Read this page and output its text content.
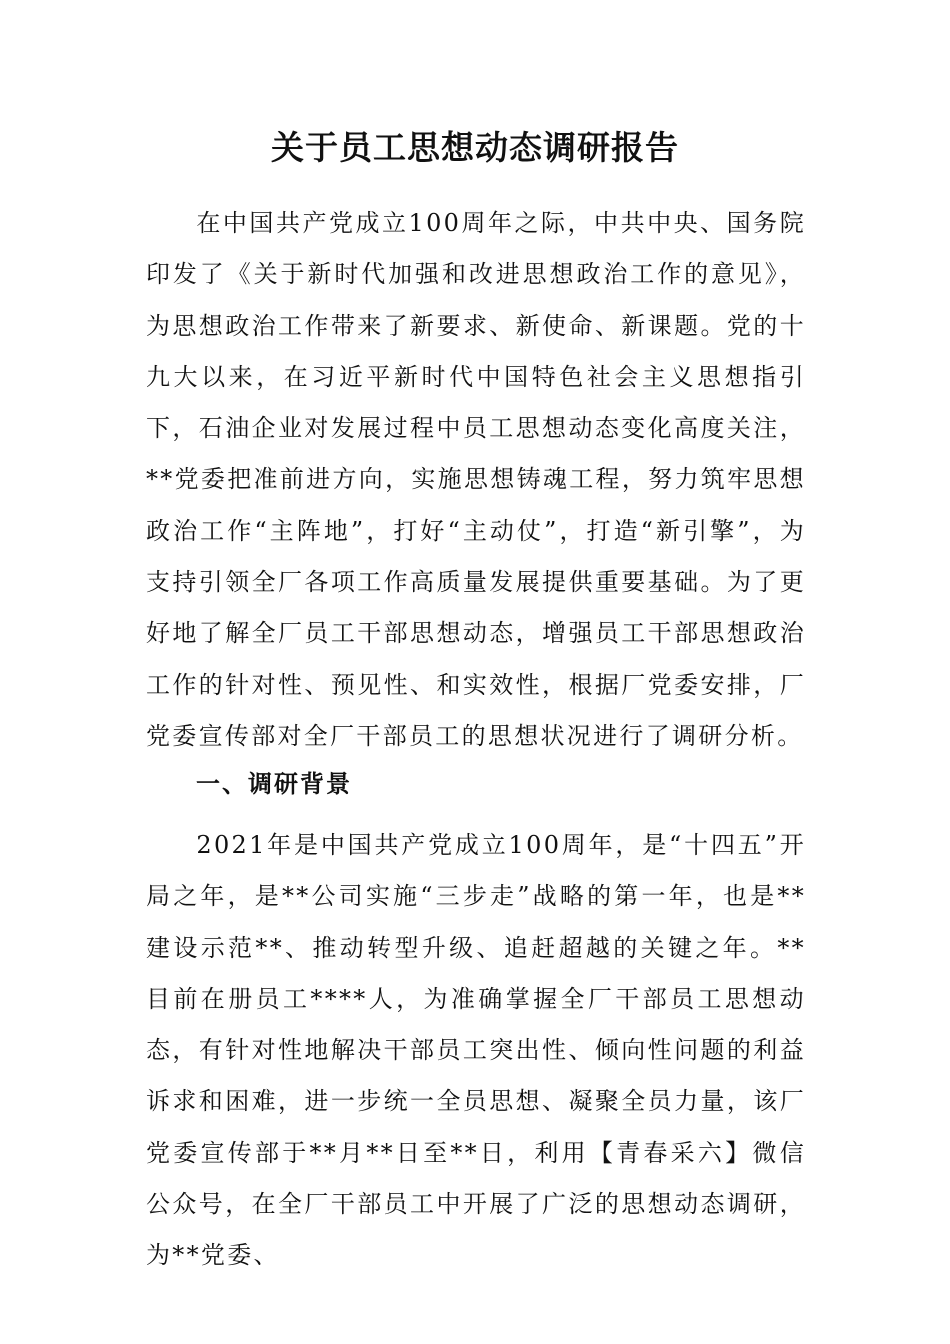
关于员工思想动态调研报告

在中国共产党成立100周年之际，中共中央、国务院印发了《关于新时代加强和改进思想政治工作的意见》，为思想政治工作带来了新要求、新使命、新课题。党的十九大以来，在习近平新时代中国特色社会主义思想指引下，石油企业对发展过程中员工思想动态变化高度关注，**党委把准前进方向，实施思想铸魂工程，努力筑牢思想政治工作“主阵地”，打好“主动仗”，打造“新引擎”，为支持引领全厂各项工作高质量发展提供重要基础。为了更好地了解全厂员工干部思想动态，增强员工干部思想政治工作的针对性、预见性、和实效性，根据厂党委安排，厂党委宣传部对全厂干部员工的思想状况进行了调研分析。

一、调研背景

2021年是中国共产党成立100周年，是“十四五”开局之年，是**公司实施“三步走”战略的第一年，也是**建设示范**、推动转型升级、追赶超越的关键之年。**目前在册员工****人，为准确掌握全厂干部员工思想动态，有针对性地解决干部员工突出性、倾向性问题的利益诉求和困难，进一步统一全员思想、凝聚全员力量，该厂党委宣传部于**月**日至**日，利用【青春采六】微信公众号，在全厂干部员工中开展了广泛的思想动态调研，为**党委、
